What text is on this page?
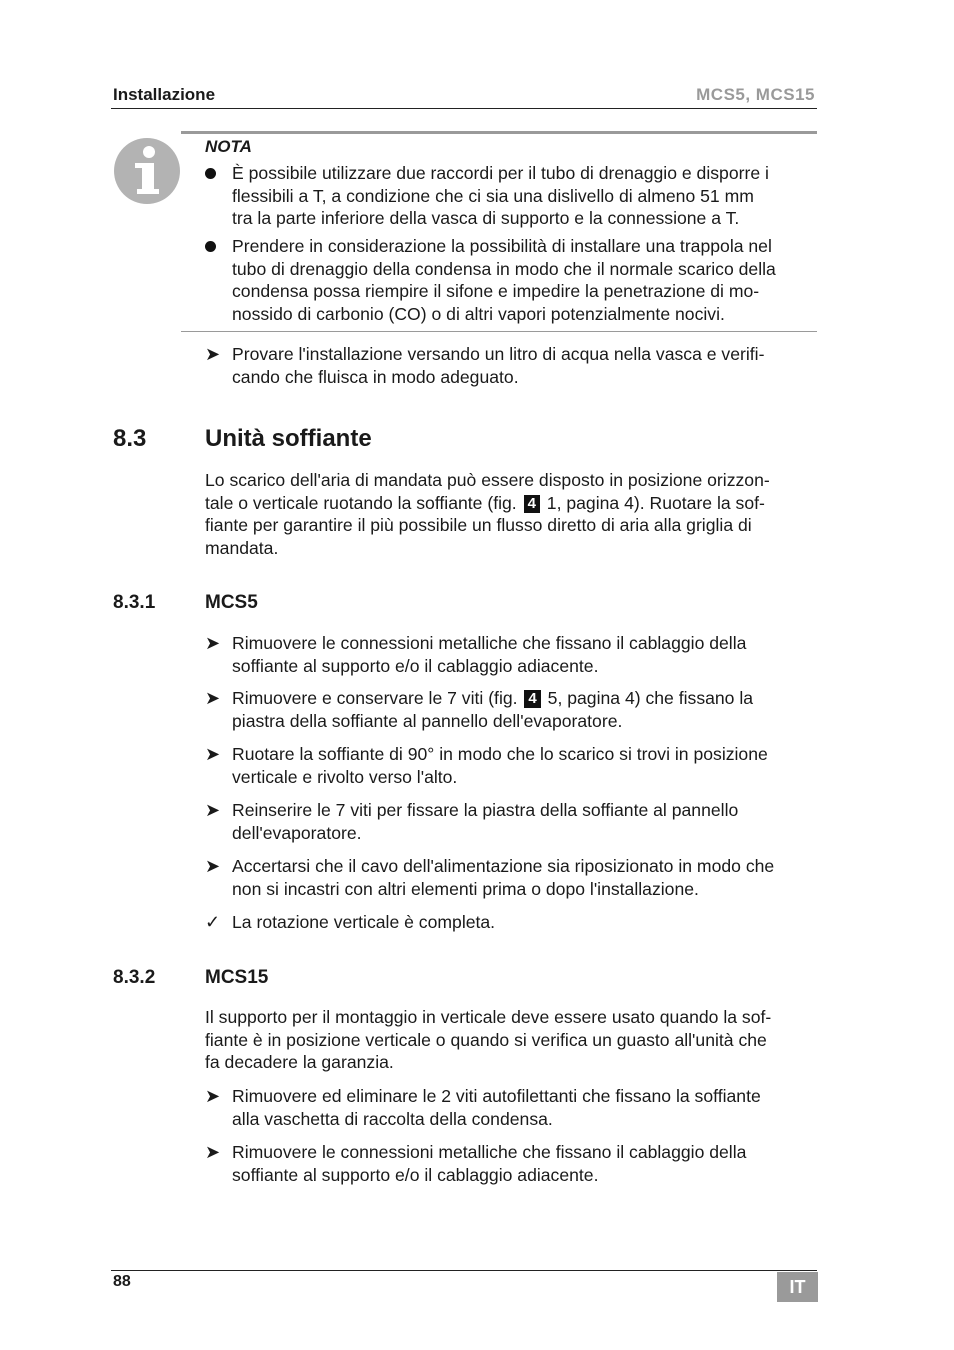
Installazione	MCS5, MCS15
NOTA
È possibile utilizzare due raccordi per il tubo di drenaggio e disporre i
flessibili a T, a condizione che ci sia una dislivello di almeno 51 mm
tra la parte inferiore della vasca di supporto e la connessione a T.
Prendere in considerazione la possibilità di installare una trappola nel
tubo di drenaggio della condensa in modo che il normale scarico della
condensa possa riempire il sifone e impedire la penetrazione di mo-
nossido di carbonio (CO) o di altri vapori potenzialmente nocivi.
➤ Provare l'installazione versando un litro di acqua nella vasca e verifi-
cando che fluisca in modo adeguato.
8.3 Unità soffiante
Lo scarico dell'aria di mandata può essere disposto in posizione orizzon-
tale o verticale ruotando la soffiante (fig. 4 1, pagina 4). Ruotare la sof-
fiante per garantire il più possibile un flusso diretto di aria alla griglia di
mandata.
8.3.1	MCS5
➤ Rimuovere le connessioni metalliche che fissano il cablaggio della
soffiante al supporto e/o il cablaggio adiacente.
➤ Rimuovere e conservare le 7 viti (fig. 4 5, pagina 4) che fissano la
piastra della soffiante al pannello dell'evaporatore.
➤ Ruotare la soffiante di 90° in modo che lo scarico si trovi in posizione
verticale e rivolto verso l'alto.
➤ Reinserire le 7 viti per fissare la piastra della soffiante al pannello
dell'evaporatore.
➤ Accertarsi che il cavo dell'alimentazione sia riposizionato in modo che
non si incastri con altri elementi prima o dopo l'installazione.
✓ La rotazione verticale è completa.
8.3.2	MCS15
Il supporto per il montaggio in verticale deve essere usato quando la sof-
fiante è in posizione verticale o quando si verifica un guasto all'unità che
fa decadere la garanzia.
➤ Rimuovere ed eliminare le 2 viti autofilettanti che fissano la soffiante
alla vaschetta di raccolta della condensa.
➤ Rimuovere le connessioni metalliche che fissano il cablaggio della
soffiante al supporto e/o il cablaggio adiacente.
88	IT
